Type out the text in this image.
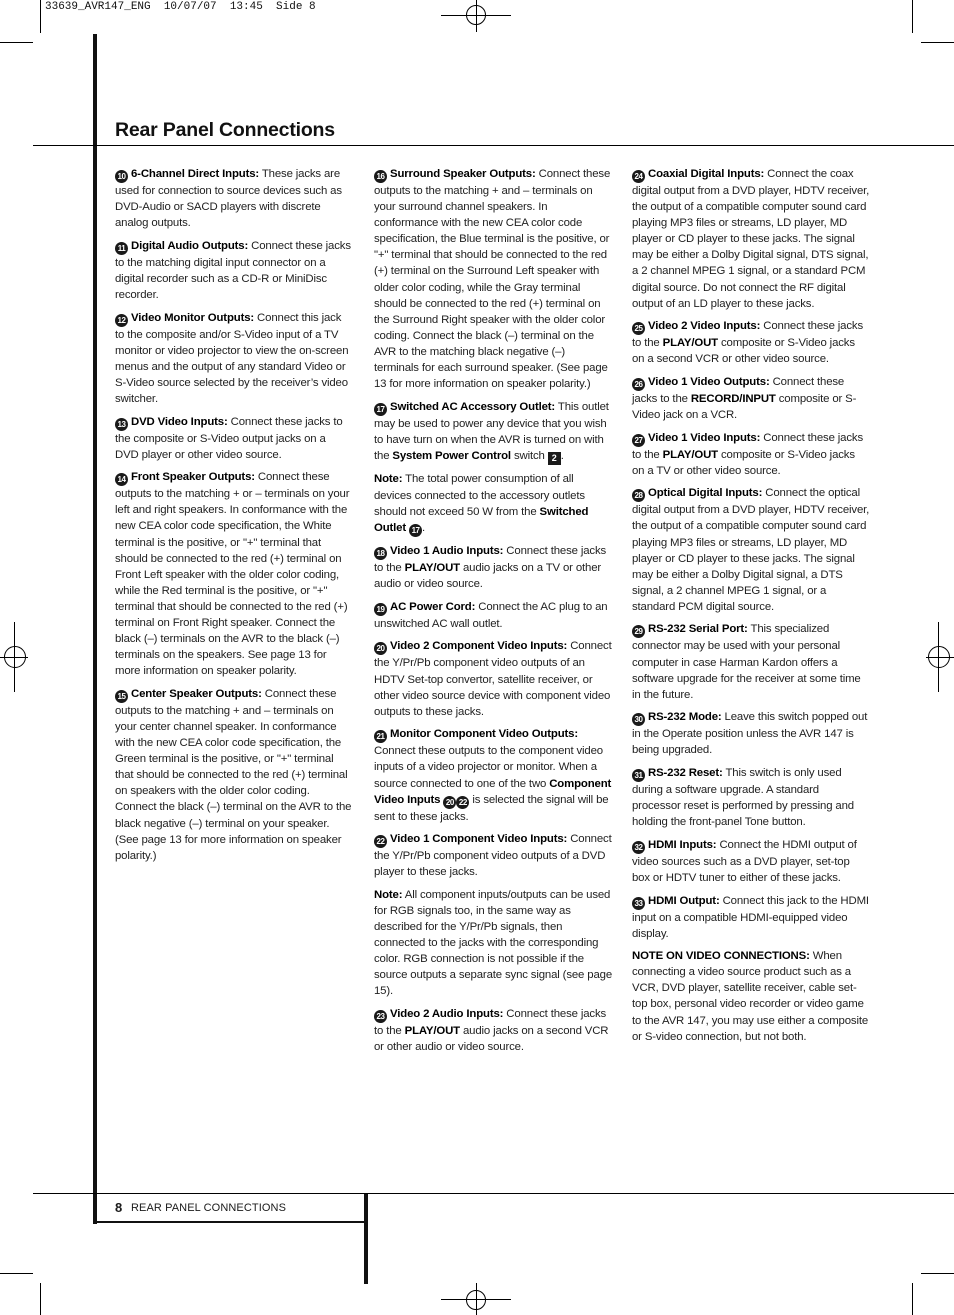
33639_AVR147_ENG  10/07/07  13:45  Side 8
Rear Panel Connections

10 6-Channel Direct Inputs: These jacks are used for connection to source devices such as DVD-Audio or SACD players with discrete analog outputs.

11 Digital Audio Outputs: Connect these jacks to the matching digital input connector on a digital recorder such as a CD-R or MiniDisc recorder.

12 Video Monitor Outputs: Connect this jack to the composite and/or S-Video input of a TV monitor or video projector to view the on-screen menus and the output of any standard Video or S-Video source selected by the receiver’s video switcher.

13 DVD Video Inputs: Connect these jacks to the composite or S-Video output jacks on a DVD player or other video source.

14 Front Speaker Outputs: Connect these outputs to the matching + or – terminals on your left and right speakers. In conformance with the new CEA color code specification, the White terminal is the positive, or "+" terminal that should be connected to the red (+) terminal on Front Left speaker with the older color coding, while the Red terminal is the positive, or "+" terminal that should be connected to the red (+) terminal on Front Right speaker. Connect the black (–) terminals on the AVR to the black (–) terminals on the speakers. See page 13 for more information on speaker polarity.

15 Center Speaker Outputs: Connect these outputs to the matching + and – terminals on your center channel speaker. In conformance with the new CEA color code specification, the Green terminal is the positive, or "+" terminal that should be connected to the red (+) terminal on speakers with the older color coding. Connect the black (–) terminal on the AVR to the black negative (–) terminal on your speaker. (See page 13 for more information on speaker polarity.)

16 Surround Speaker Outputs: Connect these outputs to the matching + and – terminals on your surround channel speakers. In conformance with the new CEA color code specification, the Blue terminal is the positive, or "+" terminal that should be connected to the red (+) terminal on the Surround Left speaker with older color coding, while the Gray terminal should be connected to the red (+) terminal on the Surround Right speaker with the older color coding. Connect the black (–) terminal on the AVR to the matching black negative (–) terminals for each surround speaker. (See page 13 for more information on speaker polarity.)

17 Switched AC Accessory Outlet: This outlet may be used to power any device that you wish to have turn on when the AVR is turned on with the System Power Control switch 2 .

Note: The total power consumption of all devices connected to the accessory outlets should not exceed 50 W from the Switched Outlet 17 .

18 Video 1 Audio Inputs: Connect these jacks to the PLAY/OUT audio jacks on a TV or other audio or video source.

19 AC Power Cord: Connect the AC plug to an unswitched AC wall outlet.

20 Video 2 Component Video Inputs: Connect the Y/Pr/Pb component video outputs of an HDTV Set-top convertor, satellite receiver, or other video source device with component video outputs to these jacks.

21 Monitor Component Video Outputs: Connect these outputs to the component video inputs of a video projector or monitor. When a source connected to one of the two Component Video Inputs 20 22 is selected the signal will be sent to these jacks.

22 Video 1 Component Video Inputs: Connect the Y/Pr/Pb component video outputs of a DVD player to these jacks.

Note: All component inputs/outputs can be used for RGB signals too, in the same way as described for the Y/Pr/Pb signals, then connected to the jacks with the corresponding color. RGB connection is not possible if the source outputs a separate sync signal (see page 15).

23 Video 2 Audio Inputs: Connect these jacks to the PLAY/OUT audio jacks on a second VCR or other audio or video source.

24 Coaxial Digital Inputs: Connect the coax digital output from a DVD player, HDTV receiver, the output of a compatible computer sound card playing MP3 files or streams, LD player, MD player or CD player to these jacks. The signal may be either a Dolby Digital signal, DTS signal, a 2 channel MPEG 1 signal, or a standard PCM digital source. Do not connect the RF digital output of an LD player to these jacks.

25 Video 2 Video Inputs: Connect these jacks to the PLAY/OUT composite or S-Video jacks on a second VCR or other video source.

26 Video 1 Video Outputs: Connect these jacks to the RECORD/INPUT composite or S-Video jack on a VCR.

27 Video 1 Video Inputs: Connect these jacks to the PLAY/OUT composite or S-Video jacks on a TV or other video source.

28 Optical Digital Inputs: Connect the optical digital output from a DVD player, HDTV receiver, the output of a compatible computer sound card playing MP3 files or streams, LD player, MD player or CD player to these jacks. The signal may be either a Dolby Digital signal, a DTS signal, a 2 channel MPEG 1 signal, or a standard PCM digital source.

29 RS-232 Serial Port: This specialized connector may be used with your personal computer in case Harman Kardon offers a software upgrade for the receiver at some time in the future.

30 RS-232 Mode: Leave this switch popped out in the Operate position unless the AVR 147 is being upgraded.

31 RS-232 Reset: This switch is only used during a software upgrade. A standard processor reset is performed by pressing and holding the front-panel Tone button.

32 HDMI Inputs: Connect the HDMI output of video sources such as a DVD player, set-top box or HDTV tuner to either of these jacks.

33 HDMI Output: Connect this jack to the HDMI input on a compatible HDMI-equipped video display.

NOTE ON VIDEO CONNECTIONS: When connecting a video source product such as a VCR, DVD player, satellite receiver, cable set-top box, personal video recorder or video game to the AVR 147, you may use either a composite or S-video connection, but not both.

8 REAR PANEL CONNECTIONS
